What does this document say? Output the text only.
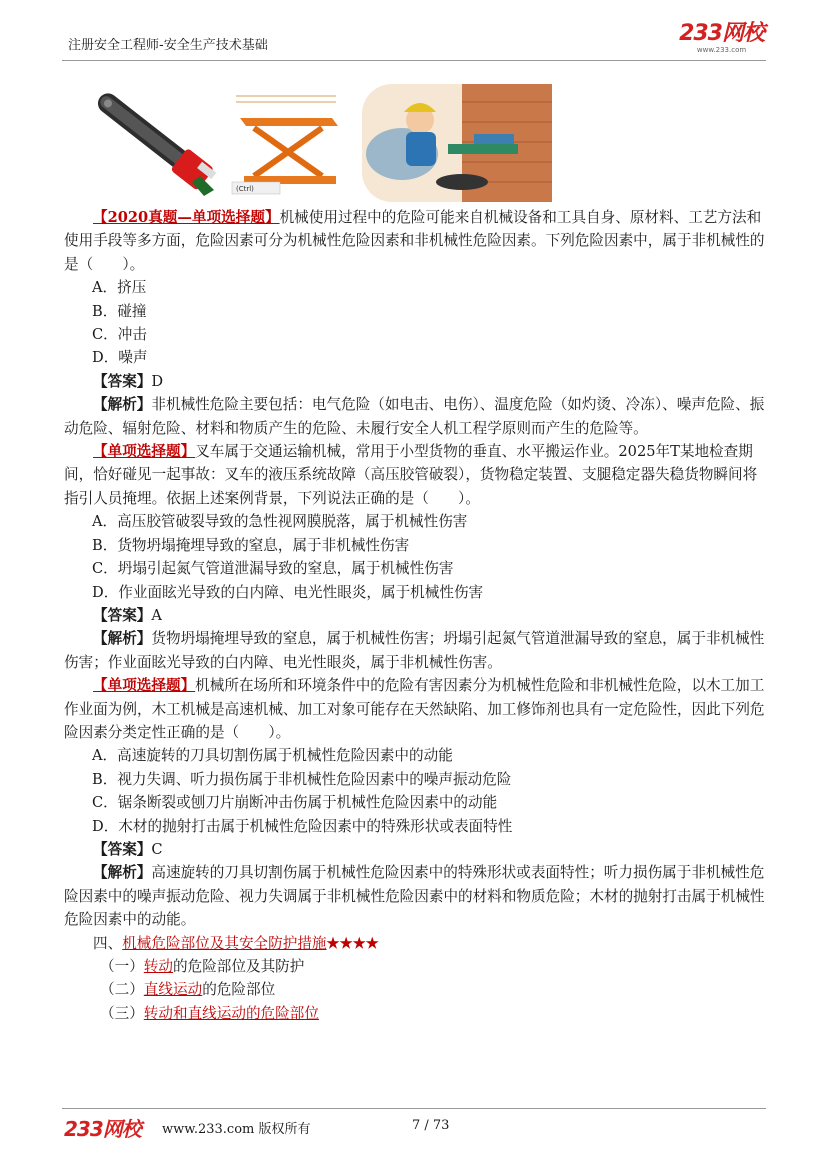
注册安全工程师-安全生产技术基础	233网校
www.233.com
(Ctrl)

【2020真题—单项选择题】机械使用过程中的危险可能来自机械设备和工具自身、原材料、工艺方法和使用手段等多方面，危险因素可分为机械性危险因素和非机械性危险因素。下列危险因素中，属于非机械性的是（　　）。

A．挤压

B．碰撞

C．冲击

D．噪声

【答案】D

【解析】非机械性危险主要包括：电气危险（如电击、电伤）、温度危险（如灼烫、冷冻）、噪声危险、振动危险、辐射危险、材料和物质产生的危险、未履行安全人机工程学原则而产生的危险等。

【单项选择题】叉车属于交通运输机械，常用于小型货物的垂直、水平搬运作业。2025年T某地检查期间，恰好碰见一起事故：叉车的液压系统故障（高压胶管破裂），货物稳定装置、支腿稳定器失稳货物瞬间将指引人员掩埋。依据上述案例背景，下列说法正确的是（　　）。

A．高压胶管破裂导致的急性视网膜脱落，属于机械性伤害

B．货物坍塌掩埋导致的窒息，属于非机械性伤害

C．坍塌引起氮气管道泄漏导致的窒息，属于机械性伤害

D．作业面眩光导致的白内障、电光性眼炎，属于机械性伤害

【答案】A

【解析】货物坍塌掩埋导致的窒息，属于机械性伤害；坍塌引起氮气管道泄漏导致的窒息，属于非机械性伤害；作业面眩光导致的白内障、电光性眼炎，属于非机械性伤害。

【单项选择题】机械所在场所和环境条件中的危险有害因素分为机械性危险和非机械性危险，以木工加工作业面为例，木工机械是高速机械、加工对象可能存在天然缺陷、加工修饰剂也具有一定危险性，因此下列危险因素分类定性正确的是（　　）。

A．高速旋转的刀具切割伤属于机械性危险因素中的动能

B．视力失调、听力损伤属于非机械性危险因素中的噪声振动危险

C．锯条断裂或刨刀片崩断冲击伤属于机械性危险因素中的动能

D．木材的抛射打击属于机械性危险因素中的特殊形状或表面特性

【答案】C

【解析】高速旋转的刀具切割伤属于机械性危险因素中的特殊形状或表面特性；听力损伤属于非机械性危险因素中的噪声振动危险、视力失调属于非机械性危险因素中的材料和物质危险；木材的抛射打击属于机械性危险因素中的动能。

四、机械危险部位及其安全防护措施★★★★

（一）转动的危险部位及其防护

（二）直线运动的危险部位

（三）转动和直线运动的危险部位

233网校 www.233.com 版权所有	7 / 73
